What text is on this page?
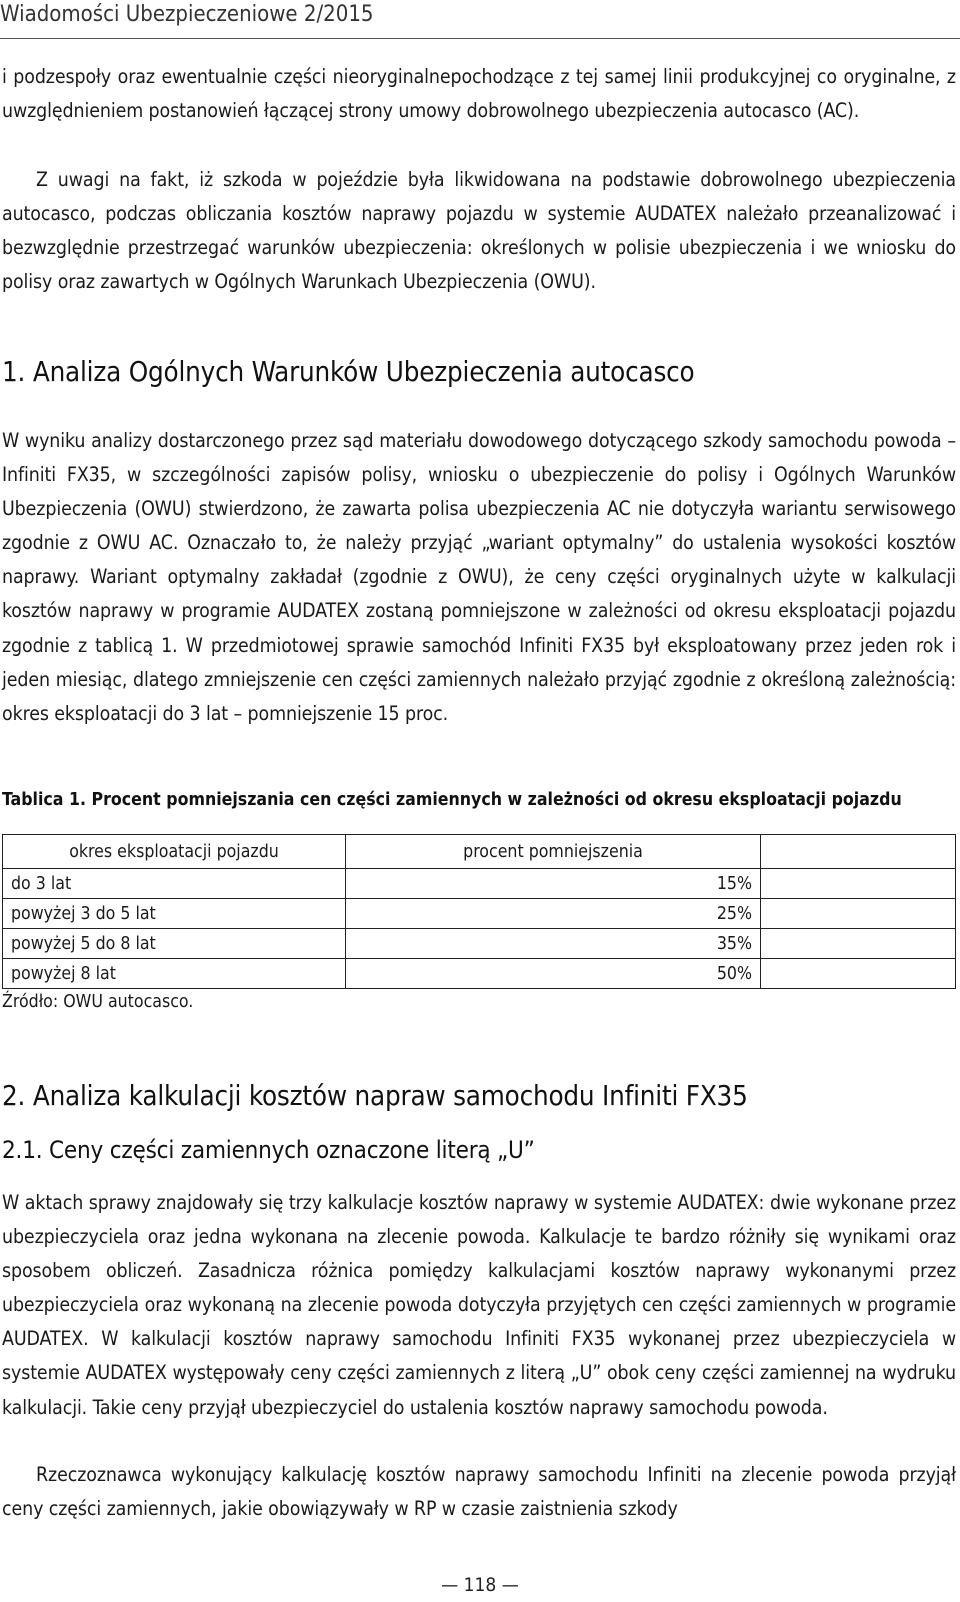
Wiadomości Ubezpieczeniowe 2/2015

i podzespoły oraz ewentualnie części nieoryginalnepochodzące z tej samej linii produkcyjnej co oryginalne, z uwzględnieniem postanowień łączącej strony umowy dobrowolnego ubezpieczenia autocasco (AC).

Z uwagi na fakt, iż szkoda w pojeździe była likwidowana na podstawie dobrowolnego ubezpieczenia autocasco, podczas obliczania kosztów naprawy pojazdu w systemie AUDATEX należało przeanalizować i bezwzględnie przestrzegać warunków ubezpieczenia: określonych w polisie ubezpieczenia i we wniosku do polisy oraz zawartych w Ogólnych Warunkach Ubezpieczenia (OWU).

1. Analiza Ogólnych Warunków Ubezpieczenia autocasco

W wyniku analizy dostarczonego przez sąd materiału dowodowego dotyczącego szkody samochodu powoda – Infiniti FX35, w szczególności zapisów polisy, wniosku o ubezpieczenie do polisy i Ogólnych Warunków Ubezpieczenia (OWU) stwierdzono, że zawarta polisa ubezpieczenia AC nie dotyczyła wariantu serwisowego zgodnie z OWU AC. Oznaczało to, że należy przyjąć „wariant optymalny” do ustalenia wysokości kosztów naprawy. Wariant optymalny zakładał (zgodnie z OWU), że ceny części oryginalnych użyte w kalkulacji kosztów naprawy w programie AUDATEX zostaną pomniejszone w zależności od okresu eksploatacji pojazdu zgodnie z tablicą 1. W przedmiotowej sprawie samochód Infiniti FX35 był eksploatowany przez jeden rok i jeden miesiąc, dlatego zmniejszenie cen części zamiennych należało przyjąć zgodnie z określoną zależnością: okres eksploatacji do 3 lat – pomniejszenie 15 proc.

Tablica 1. Procent pomniejszania cen części zamiennych w zależności od okresu eksploatacji pojazdu
okres eksploatacji pojazdu	procent pomniejszenia	
do 3 lat	15%	
powyżej 3 do 5 lat	25%	
powyżej 5 do 8 lat	35%	
powyżej 8 lat	50%	
Źródło: OWU autocasco.
2. Analiza kalkulacji kosztów napraw samochodu Infiniti FX35
2.1. Ceny części zamiennych oznaczone literą „U”

W aktach sprawy znajdowały się trzy kalkulacje kosztów naprawy w systemie AUDATEX: dwie wykonane przez ubezpieczyciela oraz jedna wykonana na zlecenie powoda. Kalkulacje te bardzo różniły się wynikami oraz sposobem obliczeń. Zasadnicza różnica pomiędzy kalkulacjami kosztów naprawy wykonanymi przez ubezpieczyciela oraz wykonaną na zlecenie powoda dotyczyła przyjętych cen części zamiennych w programie AUDATEX. W kalkulacji kosztów naprawy samochodu Infiniti FX35 wykonanej przez ubezpieczyciela w systemie AUDATEX występowały ceny części zamiennych z literą „U” obok ceny części zamiennej na wydruku kalkulacji. Takie ceny przyjął ubezpieczyciel do ustalenia kosztów naprawy samochodu powoda.

Rzeczoznawca wykonujący kalkulację kosztów naprawy samochodu Infiniti na zlecenie powoda przyjął ceny części zamiennych, jakie obowiązywały w RP w czasie zaistnienia szkody

— 118 —
